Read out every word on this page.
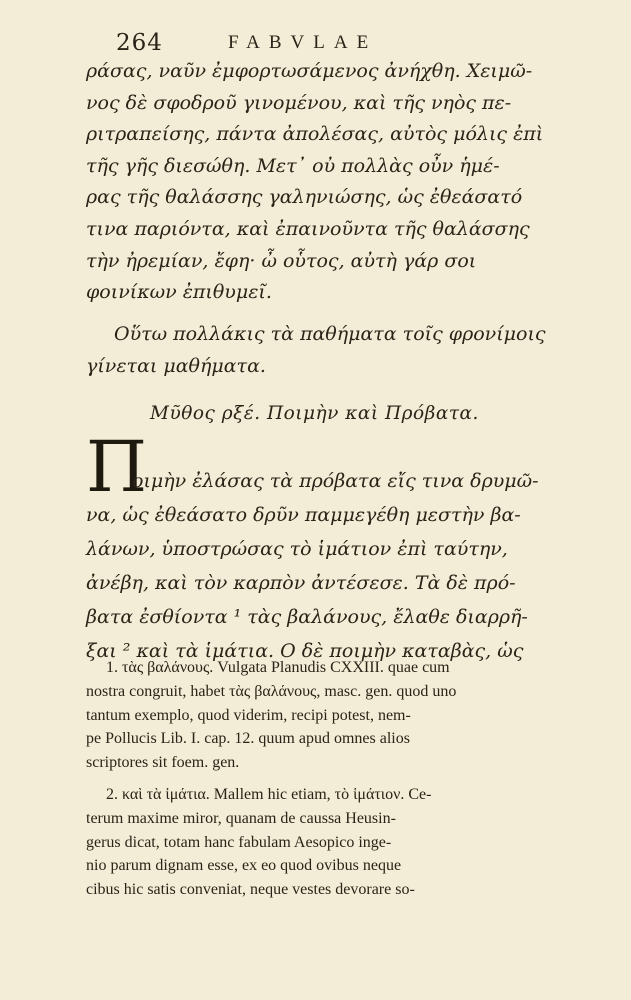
264	FABVLAE
ράσας, ναῦν ἐμφορτωσάμενος ἀνήχθη. Χειμῶ-
νος δὲ σφοδροῦ γινομένου, καὶ τῆς νηὸς πε-
ριτραπείσης, πάντα ἀπολέσας, αὐτὸς μόλις ἐπὶ
τῆς γῆς διεσώθη. Μετ᾽ οὐ πολλὰς οὖν ἡμέ-
ρας τῆς θαλάσσης γαληνιώσης, ὡς ἐθεάσατό
τινα παριόντα, καὶ ἐπαινοῦντα τῆς θαλάσσης
τὴν ἠρεμίαν, ἔφη· ὦ οὗτος, αὐτὴ γάρ σοι
φοινίκων ἐπιθυμεῖ.
Οὕτω πολλάκις τὰ παθήματα τοῖς φρονίμοις
γίνεται μαθήματα.
Μῦθος ρξέ. Ποιμὴν καὶ Πρόβατα.
Π
οιμὴν ἐλάσας τὰ πρόβατα εἴς τινα δρυμῶ-
να, ὡς ἐθεάσατο δρῦν παμμεγέθη μεστὴν βα-
λάνων, ὑποστρώσας τὸ ἱμάτιον ἐπὶ ταύτην,
ἀνέβη, καὶ τὸν καρπὸν ἀντέσεσε. Τὰ δὲ πρό-
βατα ἐσθίοντα ¹ τὰς βαλάνους, ἔλαθε διαρρῆ-
ξαι ² καὶ τὰ ἱμάτια. Ο δὲ ποιμὴν καταβὰς, ὡς
1. τὰς βαλάνους. Vulgata Planudis CXXIII. quae cum
nostra congruit, habet τὰς βαλάνους, masc. gen. quod uno
tantum exemplo, quod viderim, recipi potest, nem-
pe Pollucis Lib. I. cap. 12. quum apud omnes alios
scriptores sit foem. gen.
2. καὶ τὰ ἱμάτια. Mallem hic etiam, τὸ ἱμάτιον. Ce-
terum maxime miror, quanam de caussa Heusin-
gerus dicat, totam hanc fabulam Aesopico inge-
nio parum dignam esse, ex eo quod ovibus neque
cibus hic satis conveniat, neque vestes devorare so-
